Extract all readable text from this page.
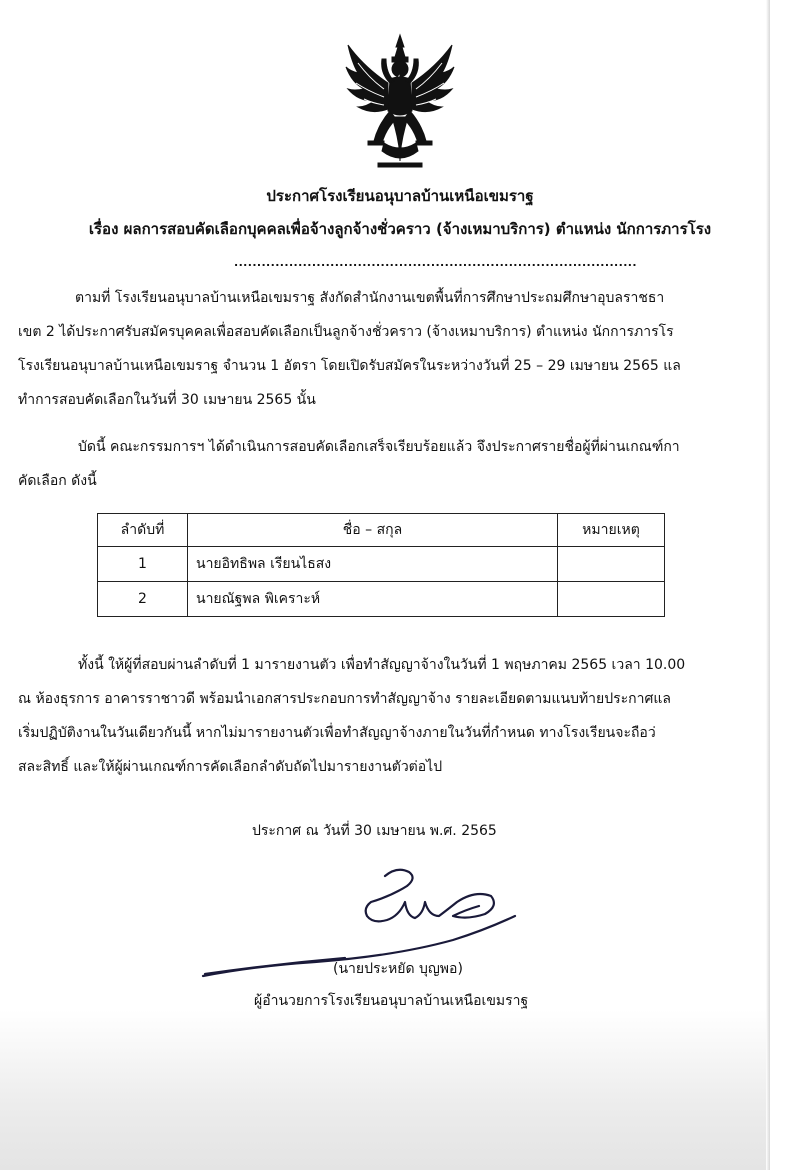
ประกาศโรงเรียนอนุบาลบ้านเหนือเขมราฐ
เรื่อง ผลการสอบคัดเลือกบุคคลเพื่อจ้างลูกจ้างชั่วคราว (จ้างเหมาบริการ) ตำแหน่ง นักการภารโรง
........................................................................................
ตามที่ โรงเรียนอนุบาลบ้านเหนือเขมราฐ สังกัดสำนักงานเขตพื้นที่การศึกษาประถมศึกษาอุบลราชธา
เขต 2 ได้ประกาศรับสมัครบุคคลเพื่อสอบคัดเลือกเป็นลูกจ้างชั่วคราว (จ้างเหมาบริการ) ตำแหน่ง นักการภารโร
โรงเรียนอนุบาลบ้านเหนือเขมราฐ จำนวน 1 อัตรา โดยเปิดรับสมัครในระหว่างวันที่ 25 – 29 เมษายน 2565 แล
ทำการสอบคัดเลือกในวันที่ 30 เมษายน 2565 นั้น
บัดนี้ คณะกรรมการฯ ได้ดำเนินการสอบคัดเลือกเสร็จเรียบร้อยแล้ว จึงประกาศรายชื่อผู้ที่ผ่านเกณฑ์กา
คัดเลือก ดังนี้
ลำดับที่	ชื่อ – สกุล	หมายเหตุ
1	นายอิทธิพล เรียนไธสง	
2	นายณัฐพล พิเคราะห์	
ทั้งนี้ ให้ผู้ที่สอบผ่านลำดับที่ 1 มารายงานตัว เพื่อทำสัญญาจ้างในวันที่ 1 พฤษภาคม 2565 เวลา 10.00
ณ ห้องธุรการ อาคารราชาวดี พร้อมนำเอกสารประกอบการทำสัญญาจ้าง รายละเอียดตามแนบท้ายประกาศแล
เริ่มปฏิบัติงานในวันเดียวกันนี้ หากไม่มารายงานตัวเพื่อทำสัญญาจ้างภายในวันที่กำหนด ทางโรงเรียนจะถือว่
สละสิทธิ์ และให้ผู้ผ่านเกณฑ์การคัดเลือกลำดับถัดไปมารายงานตัวต่อไป
ประกาศ ณ วันที่ 30 เมษายน พ.ศ. 2565
(นายประหยัด บุญพอ)
ผู้อำนวยการโรงเรียนอนุบาลบ้านเหนือเขมราฐ
